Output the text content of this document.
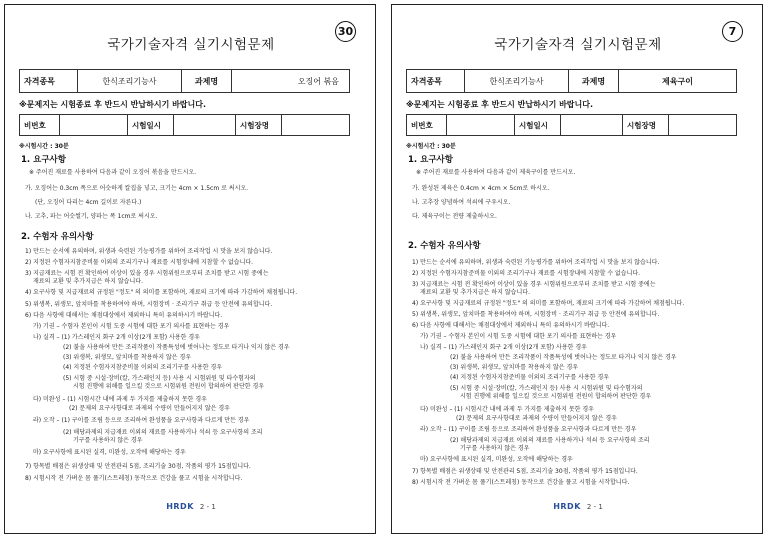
국가기술자격 실기시험문제
30
자격종목	한식조리기능사	과제명	오징어 볶음
※문제지는 시험종료 후 반드시 반납하시기 바랍니다.
비번호		시험일시		시험장명	
※시험시간 : 30분
1. 요구사항
※ 주어진 재료를 사용하여 다음과 같이 오징어 볶음을 만드시오.
가. 오징어는 0.3cm 폭으로 어슷하게 칼집을 넣고, 크기는 4cm × 1.5cm 로 써시오.
(단, 오징어 다리는 4cm 길이로 자른다.)
나. 고추, 파는 어슷썰기, 양파는 폭 1cm로 써시오.
2. 수험자 유의사항
1) 만드는 순서에 유의하며, 위생과 숙련된 기능평가를 위하여 조리작업 시 맛을 보지 않습니다.
2) 지정된 수험자지참준비물 이외의 조리기구나 재료를 시험장내에 지참할 수 없습니다.
3) 지급재료는 시험 전 확인하여 이상이 있을 경우 시험위원으로부터 조치를 받고 시험 중에는
재료의 교환 및 추가지급은 하지 않습니다.
4) 요구사항 및 지급재료의 규정된 "정도" 의 의미를 포함하며, 재료의 크기에 따라 가감하여 채점됩니다.
5) 위생복, 위생모, 앞치마를 착용하여야 하며, 시험장비 · 조리기구 취급 등 안전에 유의합니다.
6) 다음 사항에 대해서는 채점대상에서 제외하니 특히 유의하시기 바랍니다.
가) 기권 – 수험자 본인이 시험 도중 시험에 대한 포기 의사를 표현하는 경우
나) 실격 – (1) 가스레인지 화구 2개 이상(2개 포함) 사용한 경우
(2) 불을 사용하여 만든 조리작품이 작품특성에 벗어나는 정도로 타거나 익지 않은 경우
(3) 위생복, 위생모, 앞치마를 착용하지 않은 경우
(4) 지정된 수험자지참준비물 이외의 조리기구를 사용한 경우
(5) 시험 중 시설·장비(칼, 가스레인지 등) 사용 시 시험위원 및 타수험자의
시험 진행에 위해를 일으킬 것으로 시험위원 전원이 합의하여 판단한 경우
다) 미완성 – (1) 시험시간 내에 과제 두 가지를 제출하지 못한 경우
(2) 문제의 요구사항대로 과제의 수량이 만들어지지 않은 경우
라) 오작 – (1) 구이를 조림 등으로 조리하여 완성품을 요구사항과 다르게 만든 경우
(2) 해당과제의 지급재료 이외의 재료를 사용하거나 석쇠 등 요구사항의 조리
기구를 사용하지 않은 경우
마) 요구사항에 표시된 실격, 미완성, 오작에 해당하는 경우
7) 항목별 배점은 위생상태 및 안전관리 5점, 조리기술 30점, 작품의 평가 15점입니다.
8) 시험시작 전 가벼운 몸 풀기(스트레칭) 동작으로 건강을 풀고 시험을 시작합니다.
HRDK 2 - 1
국가기술자격 실기시험문제
7
자격종목	한식조리기능사	과제명	제육구이
※문제지는 시험종료 후 반드시 반납하시기 바랍니다.
비번호		시험일시		시험장명	
※시험시간 : 30분
1. 요구사항
※ 주어진 재료를 사용하여 다음과 같이 제육구이를 만드시오.
가. 완성된 제육은 0.4cm × 4cm × 5cm로 하시오.
나. 고추장 양념하여 석쇠에 구우시오.
다. 제육구이는 전량 제출하시오.
2. 수험자 유의사항
1) 만드는 순서에 유의하며, 위생과 숙련된 기능평가를 위하여 조리작업 시 맛을 보지 않습니다.
2) 지정된 수험자지참준비물 이외의 조리기구나 재료를 시험장내에 지참할 수 없습니다.
3) 지급재료는 시험 전 확인하여 이상이 있을 경우 시험위원으로부터 조치를 받고 시험 중에는
재료의 교환 및 추가지급은 하지 않습니다.
4) 요구사항 및 지급재료의 규정된 "정도" 의 의미를 포함하며, 재료의 크기에 따라 가감하여 채점됩니다.
5) 위생복, 위생모, 앞치마를 착용하여야 하며, 시험장비 · 조리기구 취급 등 안전에 유의합니다.
6) 다음 사항에 대해서는 채점대상에서 제외하니 특히 유의하시기 바랍니다.
가) 기권 – 수험자 본인이 시험 도중 시험에 대한 포기 의사를 표현하는 경우
나) 실격 – (1) 가스레인지 화구 2개 이상(2개 포함) 사용한 경우
(2) 불을 사용하여 만든 조리작품이 작품특성에 벗어나는 정도로 타거나 익지 않은 경우
(3) 위생복, 위생모, 앞치마를 착용하지 않은 경우
(4) 지정된 수험자지참준비물 이외의 조리기구를 사용한 경우
(5) 시험 중 시설·장비(칼, 가스레인지 등) 사용 시 시험위원 및 타수험자의
시험 진행에 위해를 일으킬 것으로 시험위원 전원이 합의하여 판단한 경우
다) 미완성 – (1) 시험시간 내에 과제 두 가지를 제출하지 못한 경우
(2) 문제의 요구사항대로 과제의 수량이 만들어지지 않은 경우
라) 오작 – (1) 구이를 조림 등으로 조리하여 완성품을 요구사항과 다르게 만든 경우
(2) 해당과제의 지급재료 이외의 재료를 사용하거나 석쇠 등 요구사항의 조리
기구를 사용하지 않은 경우
마) 요구사항에 표시된 실격, 미완성, 오작에 해당하는 경우
7) 항목별 배점은 위생상태 및 안전관리 5점, 조리기술 30점, 작품의 평가 15점입니다.
8) 시험시작 전 가벼운 몸 풀기(스트레칭) 동작으로 건강을 풀고 시험을 시작합니다.
HRDK 2 - 1
